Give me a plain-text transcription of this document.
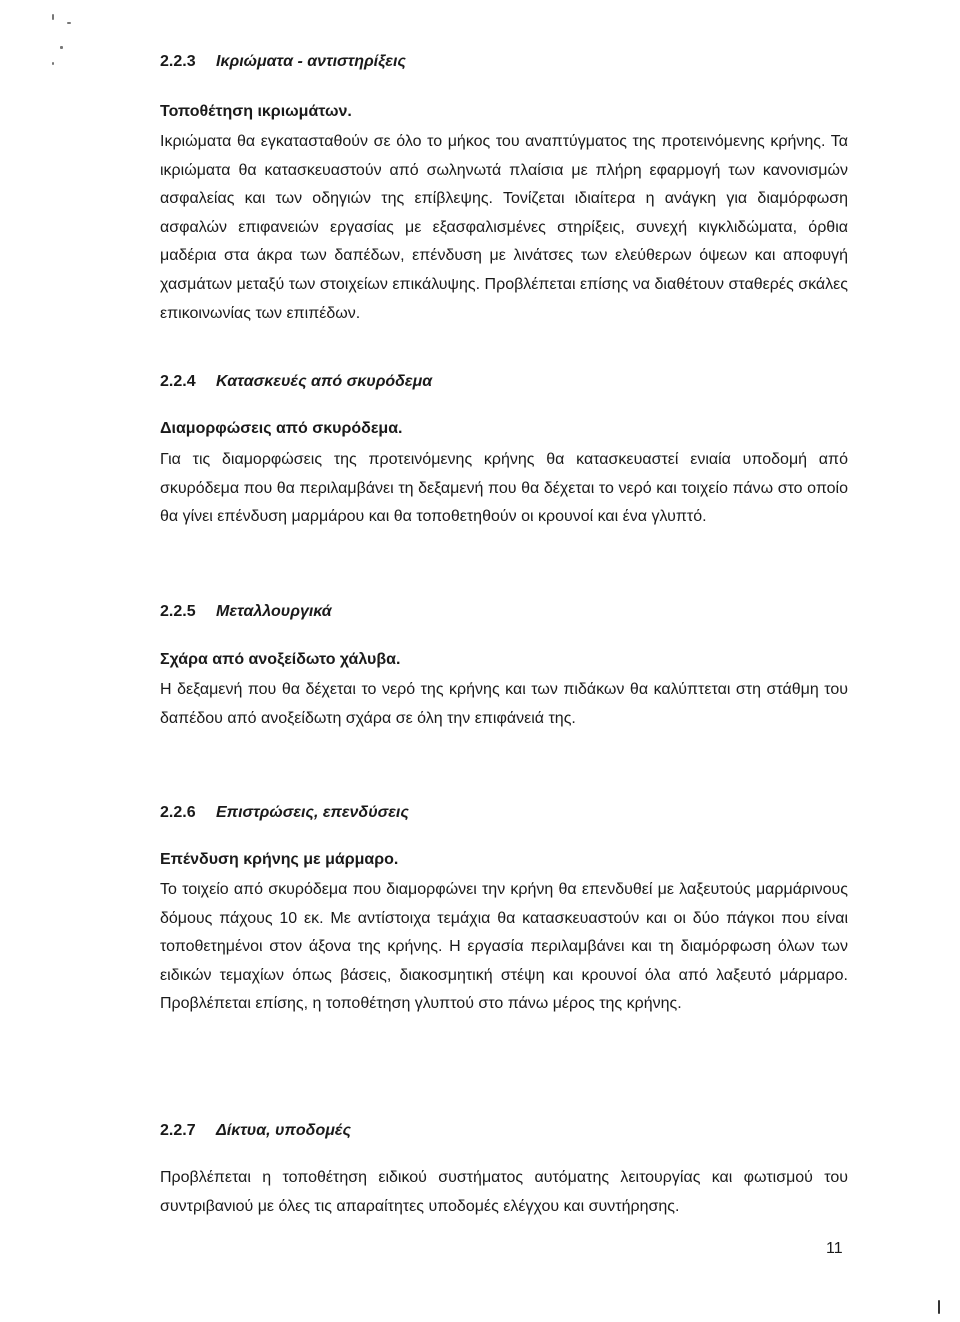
2.2.3 Ικριώματα - αντιστηρίξεις
Τοποθέτηση ικριωμάτων.
Ικριώματα θα εγκατασταθούν σε όλο το μήκος του αναπτύγματος της προτεινόμενης κρήνης. Τα ικριώματα θα κατασκευαστούν από σωληνωτά πλαίσια με πλήρη εφαρμογή των κανονισμών ασφαλείας και των οδηγιών της επίβλεψης. Τονίζεται ιδιαίτερα η ανάγκη για διαμόρφωση ασφαλών επιφανειών εργασίας με εξασφαλισμένες στηρίξεις, συνεχή κιγκλιδώματα, όρθια μαδέρια στα άκρα των δαπέδων, επένδυση με λινάτσες των ελεύθερων όψεων και αποφυγή χασμάτων μεταξύ των στοιχείων επικάλυψης. Προβλέπεται επίσης να διαθέτουν σταθερές σκάλες επικοινωνίας των επιπέδων.
2.2.4 Κατασκευές από σκυρόδεμα
Διαμορφώσεις από σκυρόδεμα.
Για τις διαμορφώσεις της προτεινόμενης κρήνης θα κατασκευαστεί ενιαία υποδομή από σκυρόδεμα που θα περιλαμβάνει τη δεξαμενή που θα δέχεται το νερό και τοιχείο πάνω στο οποίο θα γίνει επένδυση μαρμάρου και θα τοποθετηθούν οι κρουνοί και ένα γλυπτό.
2.2.5 Μεταλλουργικά
Σχάρα από ανοξείδωτο χάλυβα.
Η δεξαμενή που θα δέχεται το νερό της κρήνης και των πιδάκων θα καλύπτεται στη στάθμη του δαπέδου από ανοξείδωτη σχάρα σε όλη την επιφάνειά της.
2.2.6 Επιστρώσεις, επενδύσεις
Επένδυση κρήνης με μάρμαρο.
Το τοιχείο από σκυρόδεμα που διαμορφώνει την κρήνη θα επενδυθεί με λαξευτούς μαρμάρινους δόμους πάχους 10 εκ. Με αντίστοιχα τεμάχια θα κατασκευαστούν και οι δύο πάγκοι που είναι τοποθετημένοι στον άξονα της κρήνης. Η εργασία περιλαμβάνει και τη διαμόρφωση όλων των ειδικών τεμαχίων όπως βάσεις, διακοσμητική στέψη και κρουνοί όλα από λαξευτό μάρμαρο. Προβλέπεται επίσης, η τοποθέτηση γλυπτού στο πάνω μέρος της κρήνης.
2.2.7 Δίκτυα, υποδομές
Προβλέπεται η τοποθέτηση ειδικού συστήματος αυτόματης λειτουργίας και φωτισμού του συντριβανιού με όλες τις απαραίτητες υποδομές ελέγχου και συντήρησης.
11
